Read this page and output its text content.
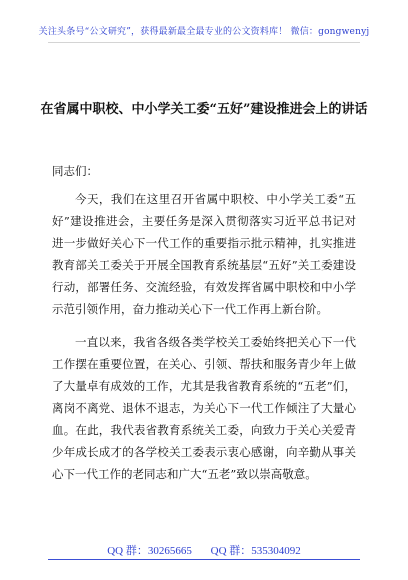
关注头条号“公文研究”，获得最新最全最专业的公文资料库！ 微信：gongwenyj
在省属中职校、中小学关工委“五好”建设推进会上的讲话

同志们：

今天，我们在这里召开省属中职校、中小学关工委“五好”建设推进会，主要任务是深入贯彻落实习近平总书记对进一步做好关心下一代工作的重要指示批示精神，扎实推进教育部关工委关于开展全国教育系统基层“五好”关工委建设行动，部署任务、交流经验，有效发挥省属中职校和中小学示范引领作用，奋力推动关心下一代工作再上新台阶。

一直以来，我省各级各类学校关工委始终把关心下一代工作摆在重要位置，在关心、引领、帮扶和服务青少年上做了大量卓有成效的工作，尤其是我省教育系统的“五老”们，离岗不离党、退休不退志，为关心下一代工作倾注了大量心血。在此，我代表省教育系统关工委，向致力于关心关爱青少年成长成才的各学校关工委表示衷心感谢，向辛勤从事关心下一代工作的老同志和广大“五老”致以崇高敬意。

QQ 群：30265665 QQ 群：535304092
